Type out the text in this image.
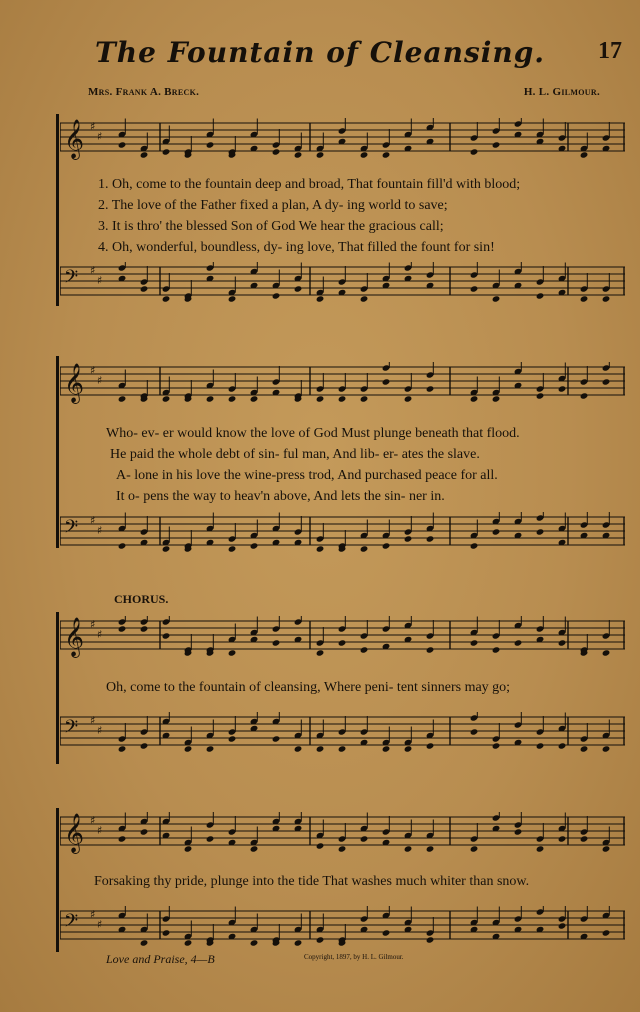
The Fountain of Cleansing.	17
Mrs. Frank A. Breck.	H. L. Gilmour.
𝄞 ♯
♯
1. Oh, come to the fountain deep and broad, That fountain fill'd with blood;
2. The love of the Father fixed a plan, A dy- ing world to save;
3. It is thro' the blessed Son of God We hear the gracious call;
4. Oh, wonderful, boundless, dy- ing love, That filled the fount for sin!
𝄢 ♯
♯
𝄞 ♯
♯
Who- ev- er would know the love of God Must plunge beneath that flood.
He paid the whole debt of sin- ful man, And lib- er- ates the slave.
A- lone in his love the wine-press trod, And purchased peace for all.
It o- pens the way to heav'n above, And lets the sin- ner in.
𝄢 ♯
♯
CHORUS.
𝄞 ♯
♯
Oh, come to the fountain of cleansing, Where peni- tent sinners may go;
𝄢 ♯
♯
𝄞 ♯
♯
Forsaking thy pride, plunge into the tide That washes much whiter than snow.
𝄢 ♯
♯
Love and Praise, 4—B	Copyright, 1897, by H. L. Gilmour.
